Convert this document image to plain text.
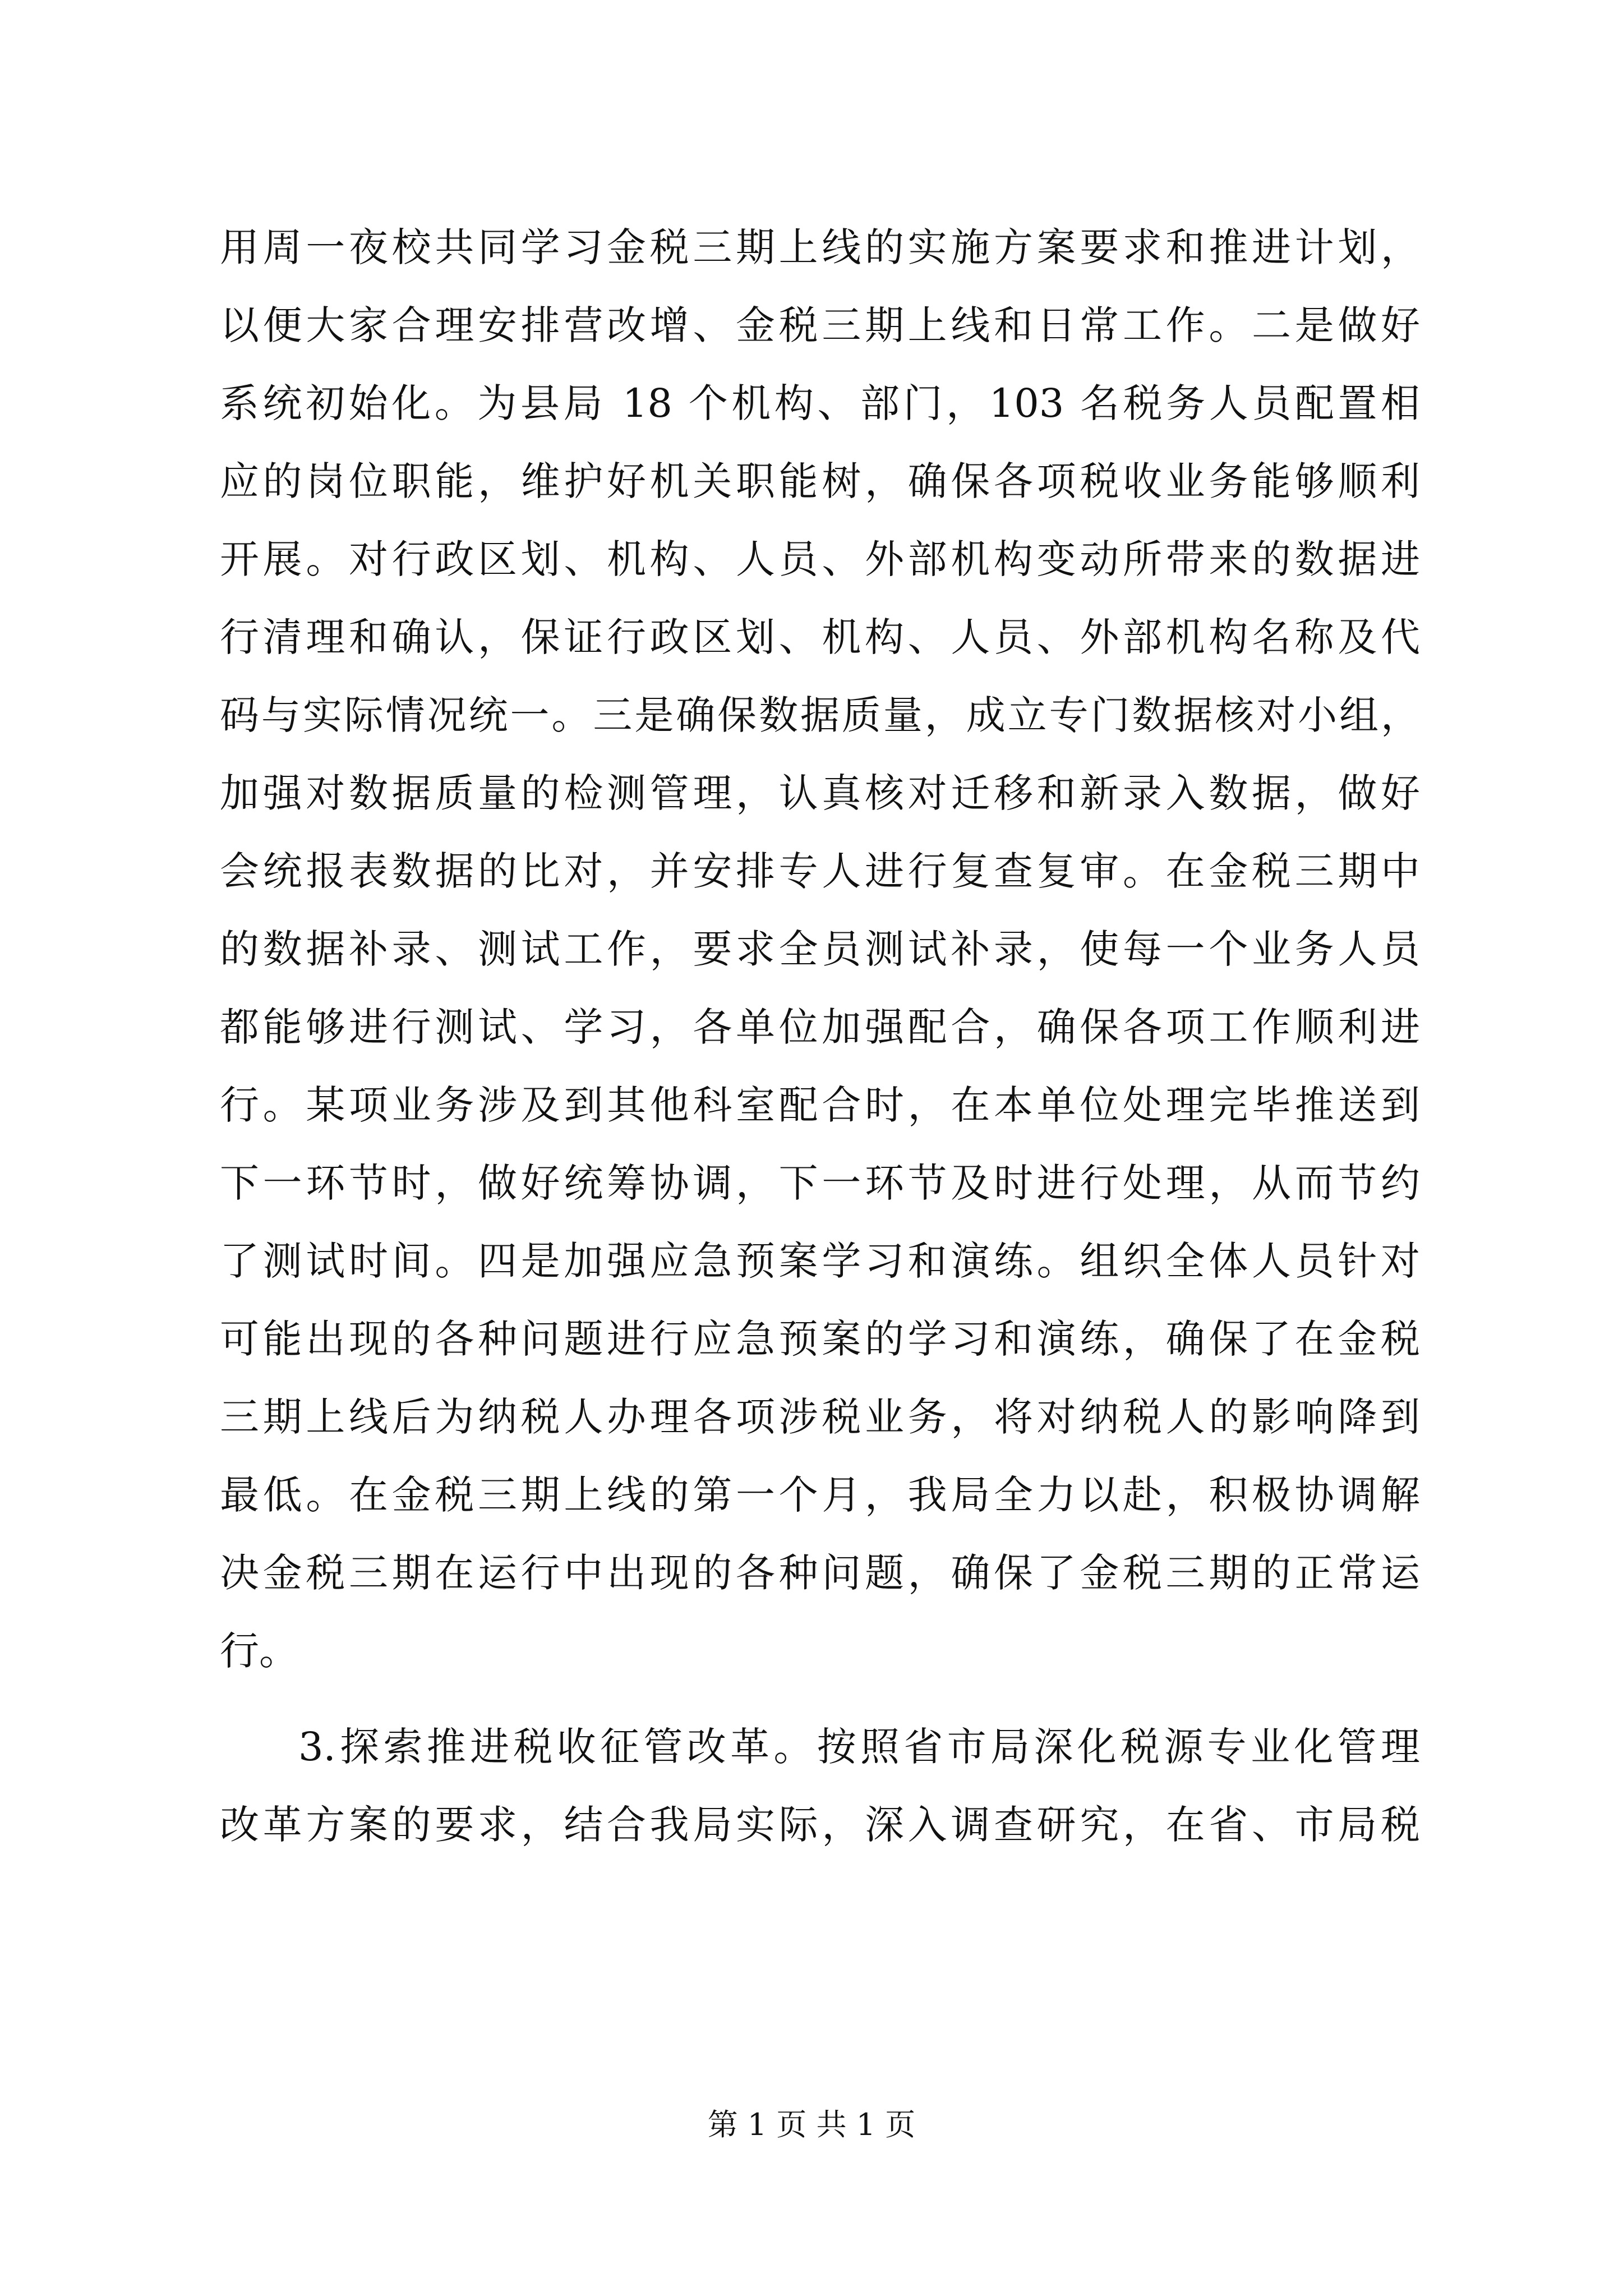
用周一夜校共同学习金税三期上线的实施方案要求和推进计划，
以便大家合理安排营改增、金税三期上线和日常工作。二是做好
系统初始化。为县局 18 个机构、部门，103 名税务人员配置相
应的岗位职能，维护好机关职能树，确保各项税收业务能够顺利
开展。对行政区划、机构、人员、外部机构变动所带来的数据进
行清理和确认，保证行政区划、机构、人员、外部机构名称及代
码与实际情况统一。三是确保数据质量，成立专门数据核对小组，
加强对数据质量的检测管理，认真核对迁移和新录入数据，做好
会统报表数据的比对，并安排专人进行复查复审。在金税三期中
的数据补录、测试工作，要求全员测试补录，使每一个业务人员
都能够进行测试、学习，各单位加强配合，确保各项工作顺利进
行。某项业务涉及到其他科室配合时，在本单位处理完毕推送到
下一环节时，做好统筹协调，下一环节及时进行处理，从而节约
了测试时间。四是加强应急预案学习和演练。组织全体人员针对
可能出现的各种问题进行应急预案的学习和演练，确保了在金税
三期上线后为纳税人办理各项涉税业务，将对纳税人的影响降到
最低。在金税三期上线的第一个月，我局全力以赴，积极协调解
决金税三期在运行中出现的各种问题，确保了金税三期的正常运
行。
3.探索推进税收征管改革。按照省市局深化税源专业化管理
改革方案的要求，结合我局实际，深入调查研究，在省、市局税
第 1 页 共 1 页
